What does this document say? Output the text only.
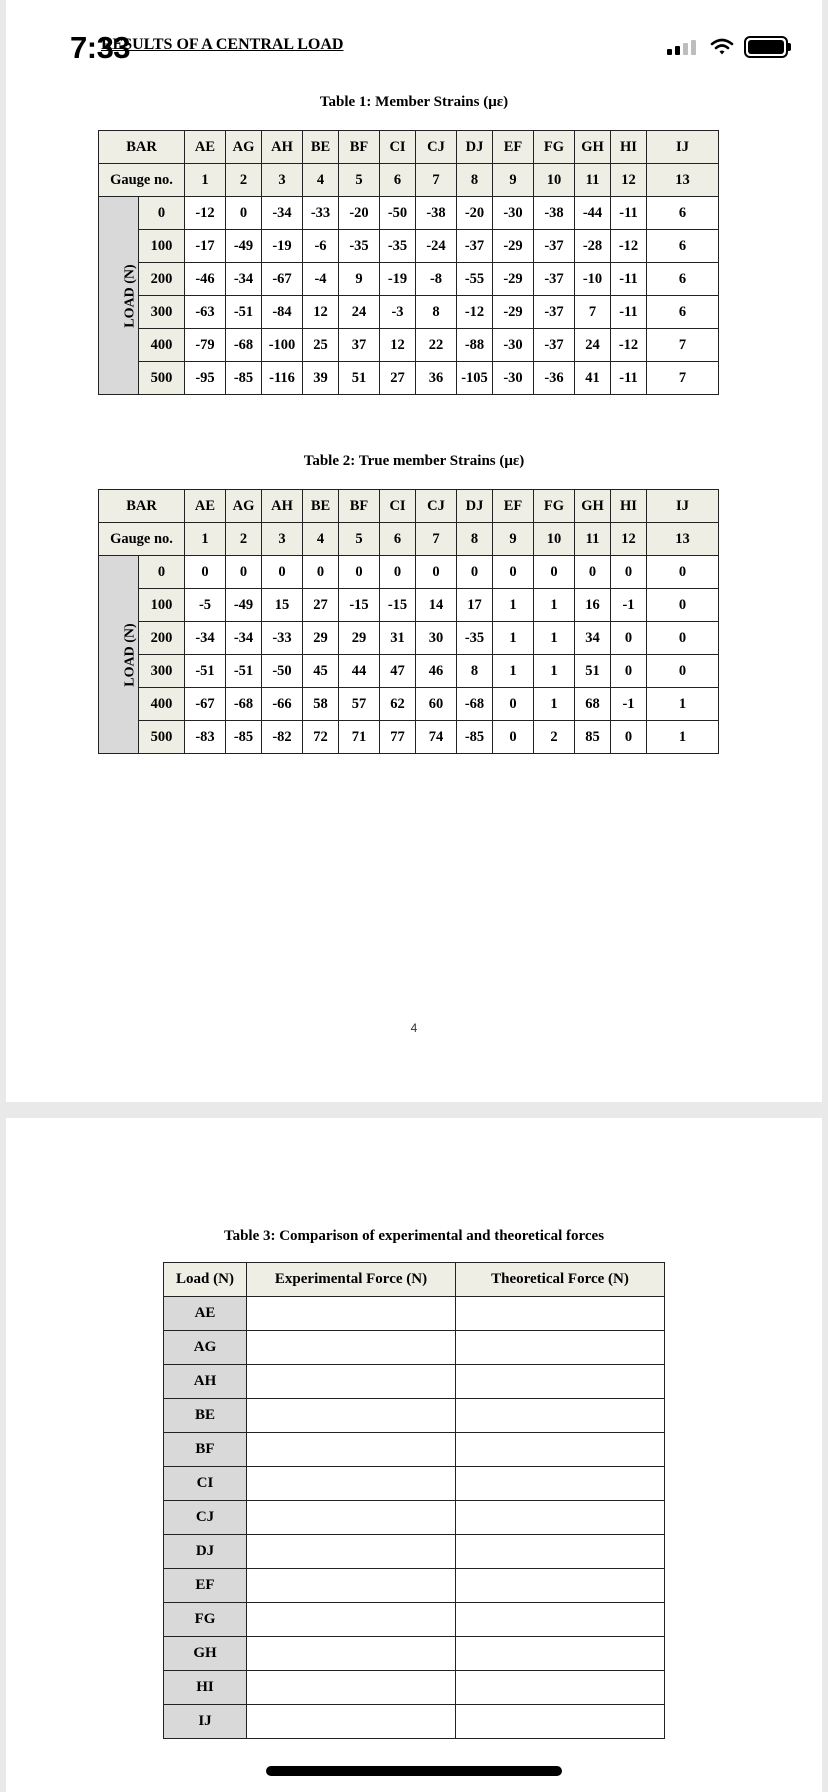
4
7:33
RESULTS OF A CENTRAL LOAD
Table 1: Member Strains (με)
BAR		AE	AG	AH	BE	BF	CI	CJ	DJ	EF	FG	GH	HI	IJ
Gauge no.		1	2	3	4	5	6	7	8	9	10	11	12	13
LOAD (N)	0	-12	0	-34	-33	-20	-50	-38	-20	-30	-38	-44	-11	6
	100	-17	-49	-19	-6	-35	-35	-24	-37	-29	-37	-28	-12	6
	200	-46	-34	-67	-4	9	-19	-8	-55	-29	-37	-10	-11	6
	300	-63	-51	-84	12	24	-3	8	-12	-29	-37	7	-11	6
	400	-79	-68	-100	25	37	12	22	-88	-30	-37	24	-12	7
	500	-95	-85	-116	39	51	27	36	-105	-30	-36	41	-11	7
Table 2: True member Strains (με)
BAR		AE	AG	AH	BE	BF	CI	CJ	DJ	EF	FG	GH	HI	IJ
Gauge no.		1	2	3	4	5	6	7	8	9	10	11	12	13
LOAD (N)	0	0	0	0	0	0	0	0	0	0	0	0	0	0
	100	-5	-49	15	27	-15	-15	14	17	1	1	16	-1	0
	200	-34	-34	-33	29	29	31	30	-35	1	1	34	0	0
	300	-51	-51	-50	45	44	47	46	8	1	1	51	0	0
	400	-67	-68	-66	58	57	62	60	-68	0	1	68	-1	1
	500	-83	-85	-82	72	71	77	74	-85	0	2	85	0	1
Table 3: Comparison of experimental and theoretical forces
Load (N)	Experimental Force (N)	Theoretical Force (N)
AE		
AG		
AH		
BE		
BF		
CI		
CJ		
DJ		
EF		
FG		
GH		
HI		
IJ		
